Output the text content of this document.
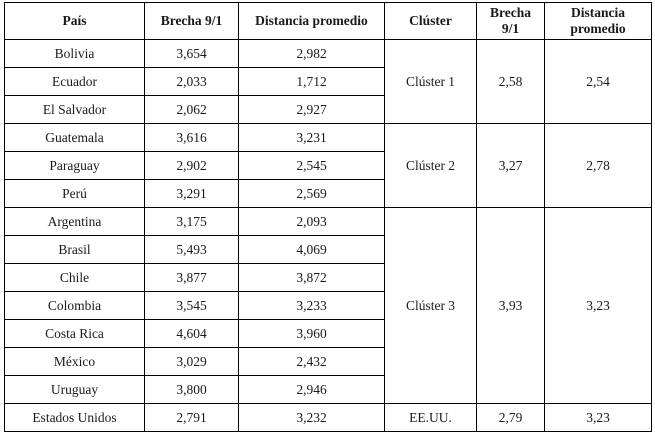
País	Brecha 9/1	Distancia promedio	Clúster	Brecha 9/1	Distancia promedio
Bolivia	3,654	2,982	Clúster 1	2,58	2,54
Ecuador	2,033	1,712			
El Salvador	2,062	2,927			
Guatemala	3,616	3,231	Clúster 2	3,27	2,78
Paraguay	2,902	2,545			
Perú	3,291	2,569			
Argentina	3,175	2,093	Clúster 3	3,93	3,23
Brasil	5,493	4,069			
Chile	3,877	3,872			
Colombia	3,545	3,233			
Costa Rica	4,604	3,960			
México	3,029	2,432			
Uruguay	3,800	2,946			
Estados Unidos	2,791	3,232	EE.UU.	2,79	3,23
